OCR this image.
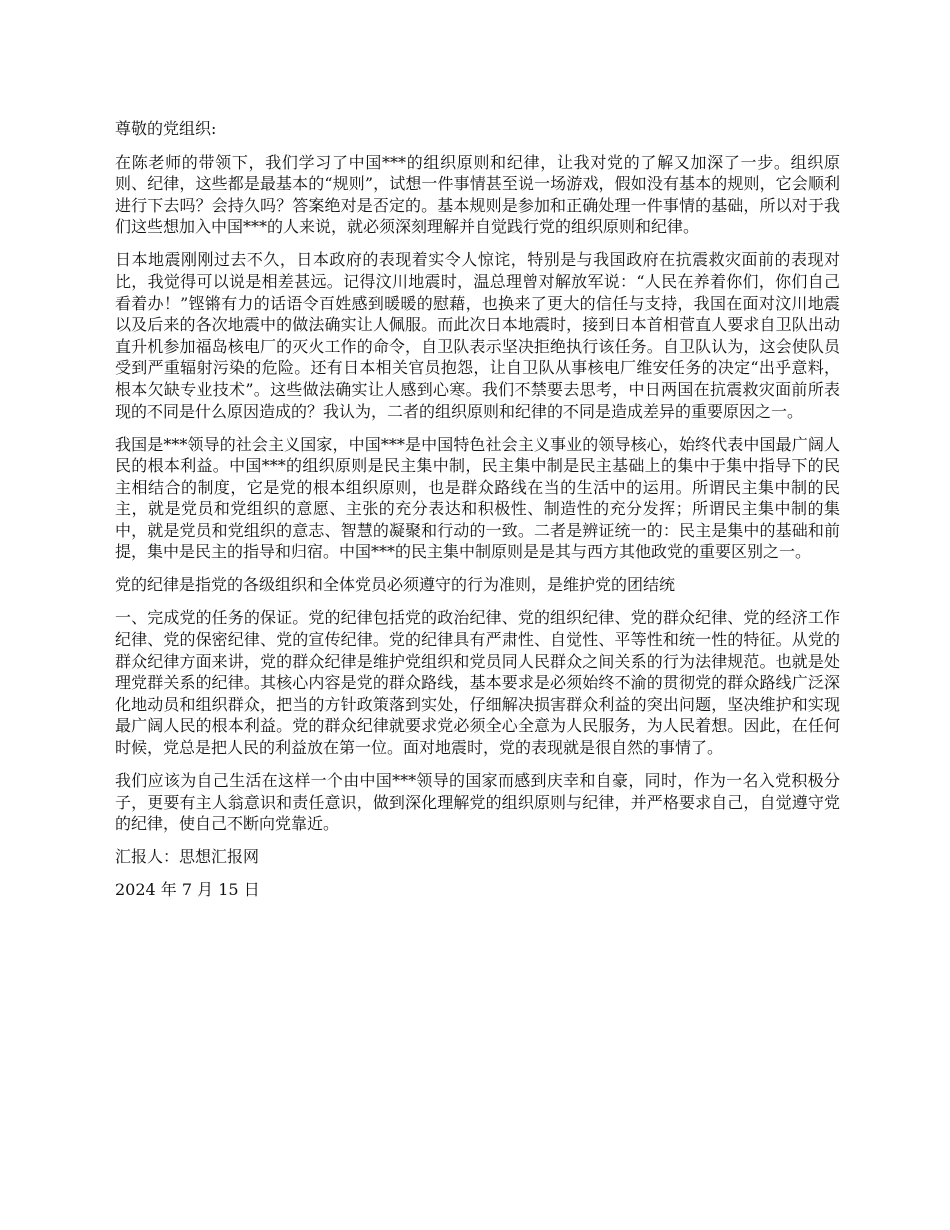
尊敬的党组织:

在陈老师的带领下，我们学习了中国***的组织原则和纪律，让我对党的了解又加深了一步。组织原则、纪律，这些都是最基本的“规则”，试想一件事情甚至说一场游戏，假如没有基本的规则，它会顺利进行下去吗？会持久吗？答案绝对是否定的。基本规则是参加和正确处理一件事情的基础，所以对于我们这些想加入中国***的人来说，就必须深刻理解并自觉践行党的组织原则和纪律。

日本地震刚刚过去不久，日本政府的表现着实令人惊诧，特别是与我国政府在抗震救灾面前的表现对比，我觉得可以说是相差甚远。记得汶川地震时，温总理曾对解放军说：“人民在养着你们，你们自己看着办！”铿锵有力的话语令百姓感到暖暖的慰藉，也换来了更大的信任与支持，我国在面对汶川地震以及后来的各次地震中的做法确实让人佩服。而此次日本地震时，接到日本首相菅直人要求自卫队出动直升机参加福岛核电厂的灭火工作的命令，自卫队表示坚决拒绝执行该任务。自卫队认为，这会使队员受到严重辐射污染的危险。还有日本相关官员抱怨，让自卫队从事核电厂维安任务的决定“出乎意料，根本欠缺专业技术”。这些做法确实让人感到心寒。我们不禁要去思考，中日两国在抗震救灾面前所表现的不同是什么原因造成的？我认为，二者的组织原则和纪律的不同是造成差异的重要原因之一。

我国是***领导的社会主义国家，中国***是中国特色社会主义事业的领导核心，始终代表中国最广阔人民的根本利益。中国***的组织原则是民主集中制，民主集中制是民主基础上的集中于集中指导下的民主相结合的制度，它是党的根本组织原则，也是群众路线在当的生活中的运用。所谓民主集中制的民主，就是党员和党组织的意愿、主张的充分表达和积极性、制造性的充分发挥；所谓民主集中制的集中，就是党员和党组织的意志、智慧的凝聚和行动的一致。二者是辨证统一的：民主是集中的基础和前提，集中是民主的指导和归宿。中国***的民主集中制原则是是其与西方其他政党的重要区别之一。

党的纪律是指党的各级组织和全体党员必须遵守的行为准则，是维护党的团结统

一、完成党的任务的保证。党的纪律包括党的政治纪律、党的组织纪律、党的群众纪律、党的经济工作纪律、党的保密纪律、党的宣传纪律。党的纪律具有严肃性、自觉性、平等性和统一性的特征。从党的群众纪律方面来讲，党的群众纪律是维护党组织和党员同人民群众之间关系的行为法律规范。也就是处理党群关系的纪律。其核心内容是党的群众路线，基本要求是必须始终不渝的贯彻党的群众路线广泛深化地动员和组织群众，把当的方针政策落到实处，仔细解决损害群众利益的突出问题，坚决维护和实现最广阔人民的根本利益。党的群众纪律就要求党必须全心全意为人民服务，为人民着想。因此，在任何时候，党总是把人民的利益放在第一位。面对地震时，党的表现就是很自然的事情了。

我们应该为自己生活在这样一个由中国***领导的国家而感到庆幸和自豪，同时，作为一名入党积极分子，更要有主人翁意识和责任意识，做到深化理解党的组织原则与纪律，并严格要求自己，自觉遵守党的纪律，使自己不断向党靠近。

汇报人：思想汇报网

2024 年 7 月 15 日
